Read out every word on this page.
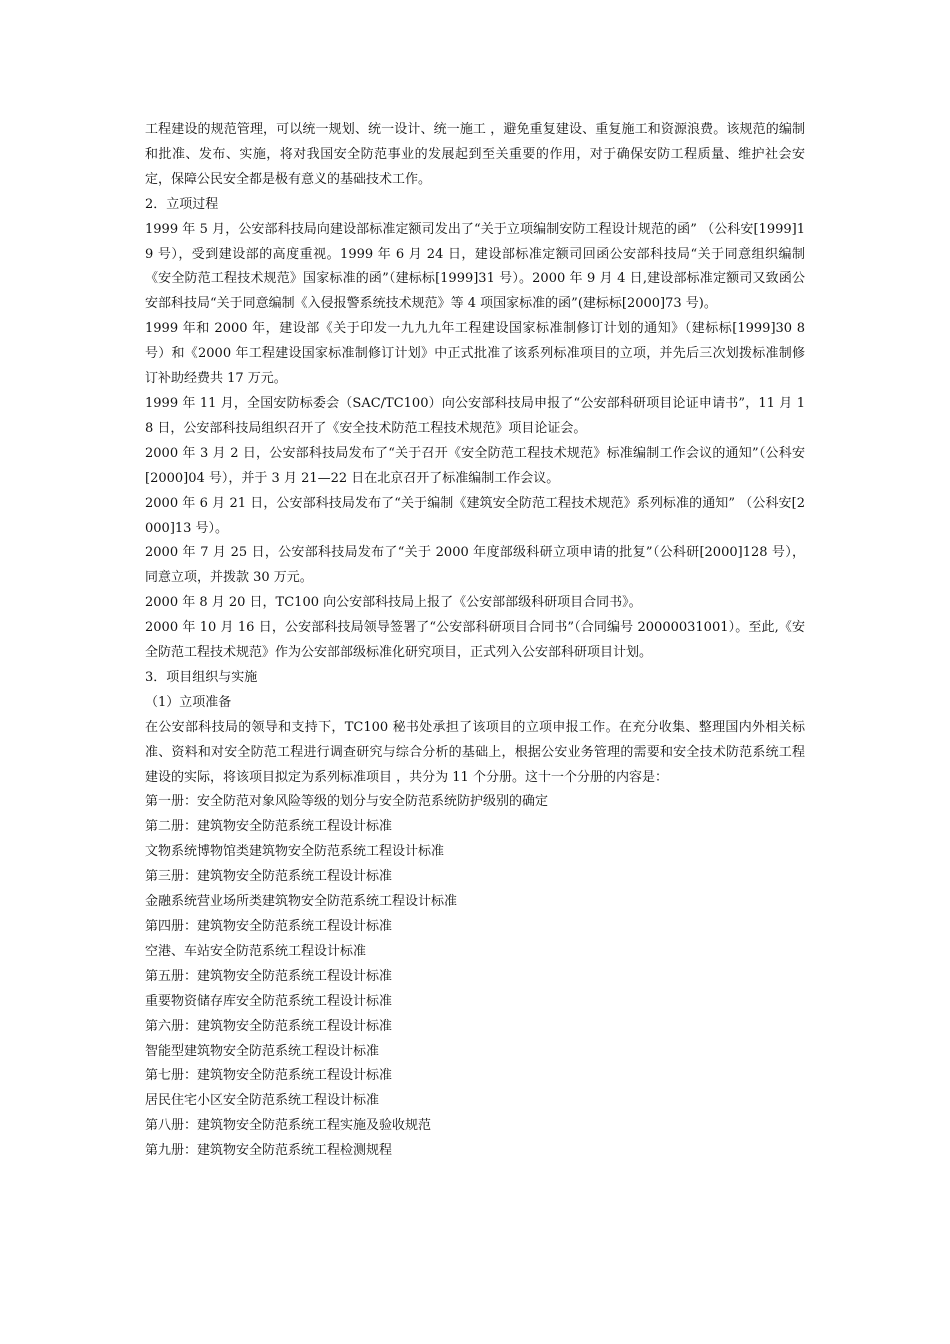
工程建设的规范管理，可以统一规划、统一设计、统一施工 ，避免重复建设、重复施工和资源浪费。该规范的编制和批准、发布、实施，将对我国安全防范事业的发展起到至关重要的作用，对于确保安防工程质量、维护社会安定，保障公民安全都是极有意义的基础技术工作。

2．立项过程

1999 年 5 月，公安部科技局向建设部标准定额司发出了“关于立项编制安防工程设计规范的函” （公科安[1999]19 号），受到建设部的高度重视。1999 年 6 月 24 日，建设部标准定额司回函公安部科技局“关于同意组织编制《安全防范工程技术规范》国家标准的函”（建标标[1999]31 号）。2000 年 9 月 4 日,建设部标准定额司又致函公安部科技局“关于同意编制《入侵报警系统技术规范》等 4 项国家标准的函”(建标标[2000]73 号)。

1999 年和 2000 年，建设部《关于印发一九九九年工程建设国家标准制修订计划的通知》（建标标[1999]30 8 号）和《2000 年工程建设国家标准制修订计划》中正式批准了该系列标准项目的立项，并先后三次划拨标准制修订补助经费共 17 万元。

1999 年 11 月，全国安防标委会（SAC/TC100）向公安部科技局申报了“公安部科研项目论证申请书”，11 月 18 日，公安部科技局组织召开了《安全技术防范工程技术规范》项目论证会。

2000 年 3 月 2 日，公安部科技局发布了“关于召开《安全防范工程技术规范》标准编制工作会议的通知”（公科安[2000]04 号），并于 3 月 21—22 日在北京召开了标准编制工作会议。

2000 年 6 月 21 日，公安部科技局发布了“关于编制《建筑安全防范工程技术规范》系列标准的通知” （公科安[2000]13 号）。

2000 年 7 月 25 日，公安部科技局发布了“关于 2000 年度部级科研立项申请的批复”（公科研[2000]128 号），同意立项，并拨款 30 万元。

2000 年 8 月 20 日，TC100 向公安部科技局上报了《公安部部级科研项目合同书》。

2000 年 10 月 16 日，公安部科技局领导签署了“公安部科研项目合同书”（合同编号 20000031001）。至此,《安全防范工程技术规范》作为公安部部级标准化研究项目，正式列入公安部科研项目计划。

3．项目组织与实施

（1）立项准备

在公安部科技局的领导和支持下，TC100 秘书处承担了该项目的立项申报工作。在充分收集、整理国内外相关标准、资料和对安全防范工程进行调查研究与综合分析的基础上，根据公安业务管理的需要和安全技术防范系统工程建设的实际，将该项目拟定为系列标准项目 ，共分为 11 个分册。这十一个分册的内容是：

第一册：安全防范对象风险等级的划分与安全防范系统防护级别的确定

第二册：建筑物安全防范系统工程设计标准

文物系统博物馆类建筑物安全防范系统工程设计标准

第三册：建筑物安全防范系统工程设计标准

金融系统营业场所类建筑物安全防范系统工程设计标准

第四册：建筑物安全防范系统工程设计标准

空港、车站安全防范系统工程设计标准

第五册：建筑物安全防范系统工程设计标准

重要物资储存库安全防范系统工程设计标准

第六册：建筑物安全防范系统工程设计标准

智能型建筑物安全防范系统工程设计标准

第七册：建筑物安全防范系统工程设计标准

居民住宅小区安全防范系统工程设计标准

第八册：建筑物安全防范系统工程实施及验收规范

第九册：建筑物安全防范系统工程检测规程
